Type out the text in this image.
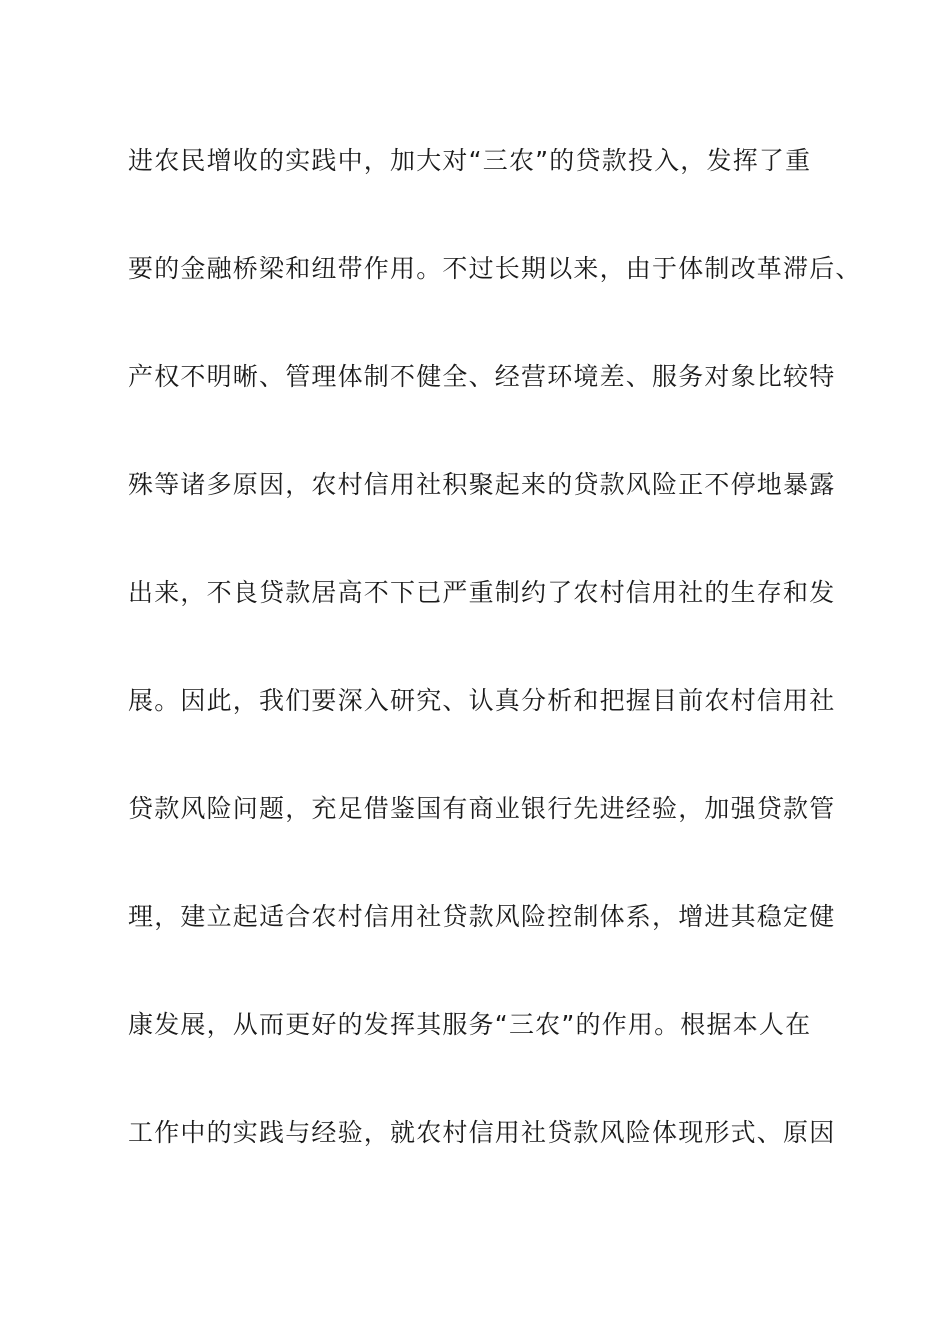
进农民增收的实践中，加大对“三农”的贷款投入，发挥了重
要的金融桥梁和纽带作用。不过长期以来，由于体制改革滞后、
产权不明晰、管理体制不健全、经营环境差、服务对象比较特
殊等诸多原因，农村信用社积聚起来的贷款风险正不停地暴露
出来，不良贷款居高不下已严重制约了农村信用社的生存和发
展。因此，我们要深入研究、认真分析和把握目前农村信用社
贷款风险问题，充足借鉴国有商业银行先进经验，加强贷款管
理，建立起适合农村信用社贷款风险控制体系，增进其稳定健
康发展，从而更好的发挥其服务“三农”的作用。根据本人在
工作中的实践与经验，就农村信用社贷款风险体现形式、原因
